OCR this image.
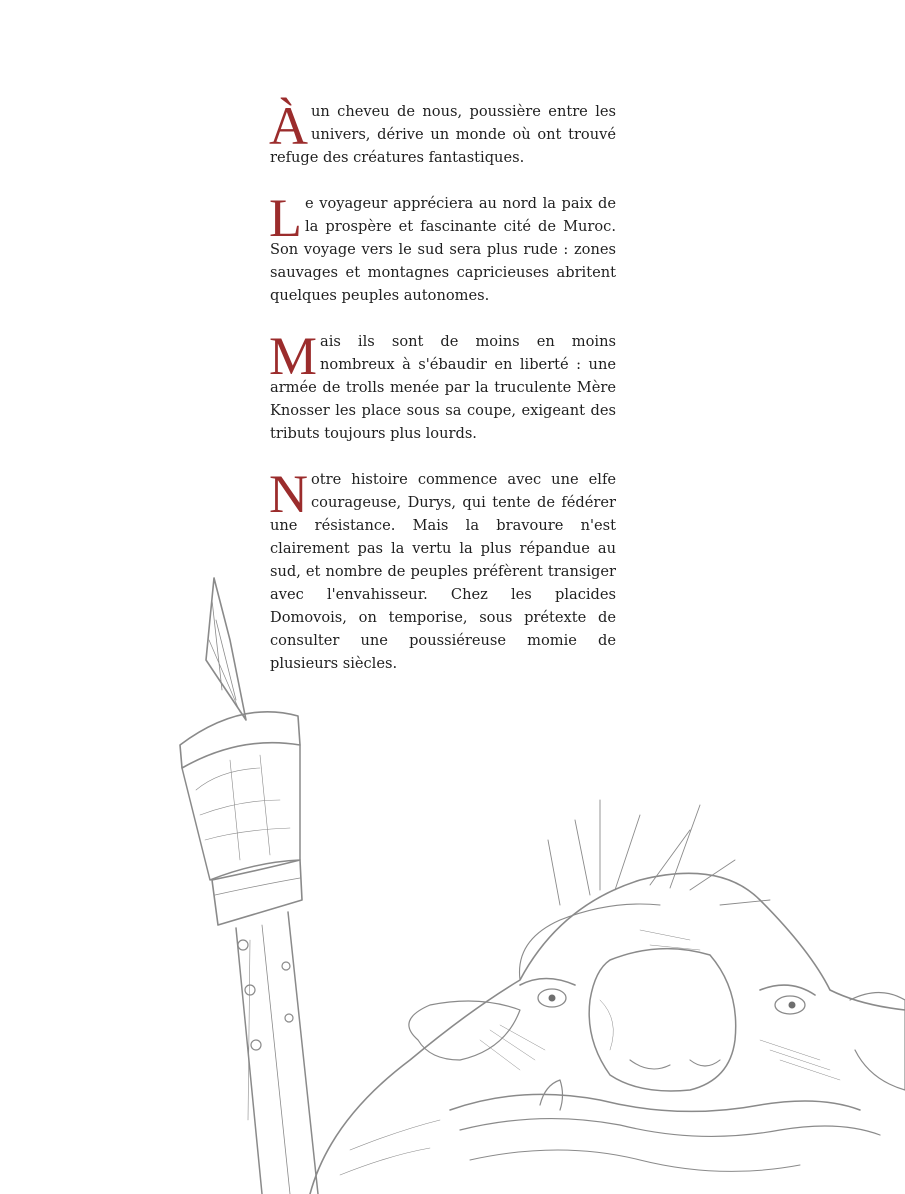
Àun cheveu de nous, poussière entre les univers, dérive un monde où ont trouvé refuge des créatures fantastiques.

Le voyageur appréciera au nord la paix de la prospère et fascinante cité de Muroc. Son voyage vers le sud sera plus rude : zones sauvages et montagnes capricieuses abritent quelques peuples autonomes.

Mais ils sont de moins en moins nombreux à s'ébaudir en liberté : une armée de trolls menée par la truculente Mère Knosser les place sous sa coupe, exigeant des tributs toujours plus lourds.

Notre histoire commence avec une elfe courageuse, Durys, qui tente de fédérer une résistance. Mais la bravoure n'est clairement pas la vertu la plus répandue au sud, et nombre de peuples préfèrent transiger avec l'envahisseur. Chez les placides Domovois, on temporise, sous prétexte de consulter une poussiéreuse momie de plusieurs siècles.
